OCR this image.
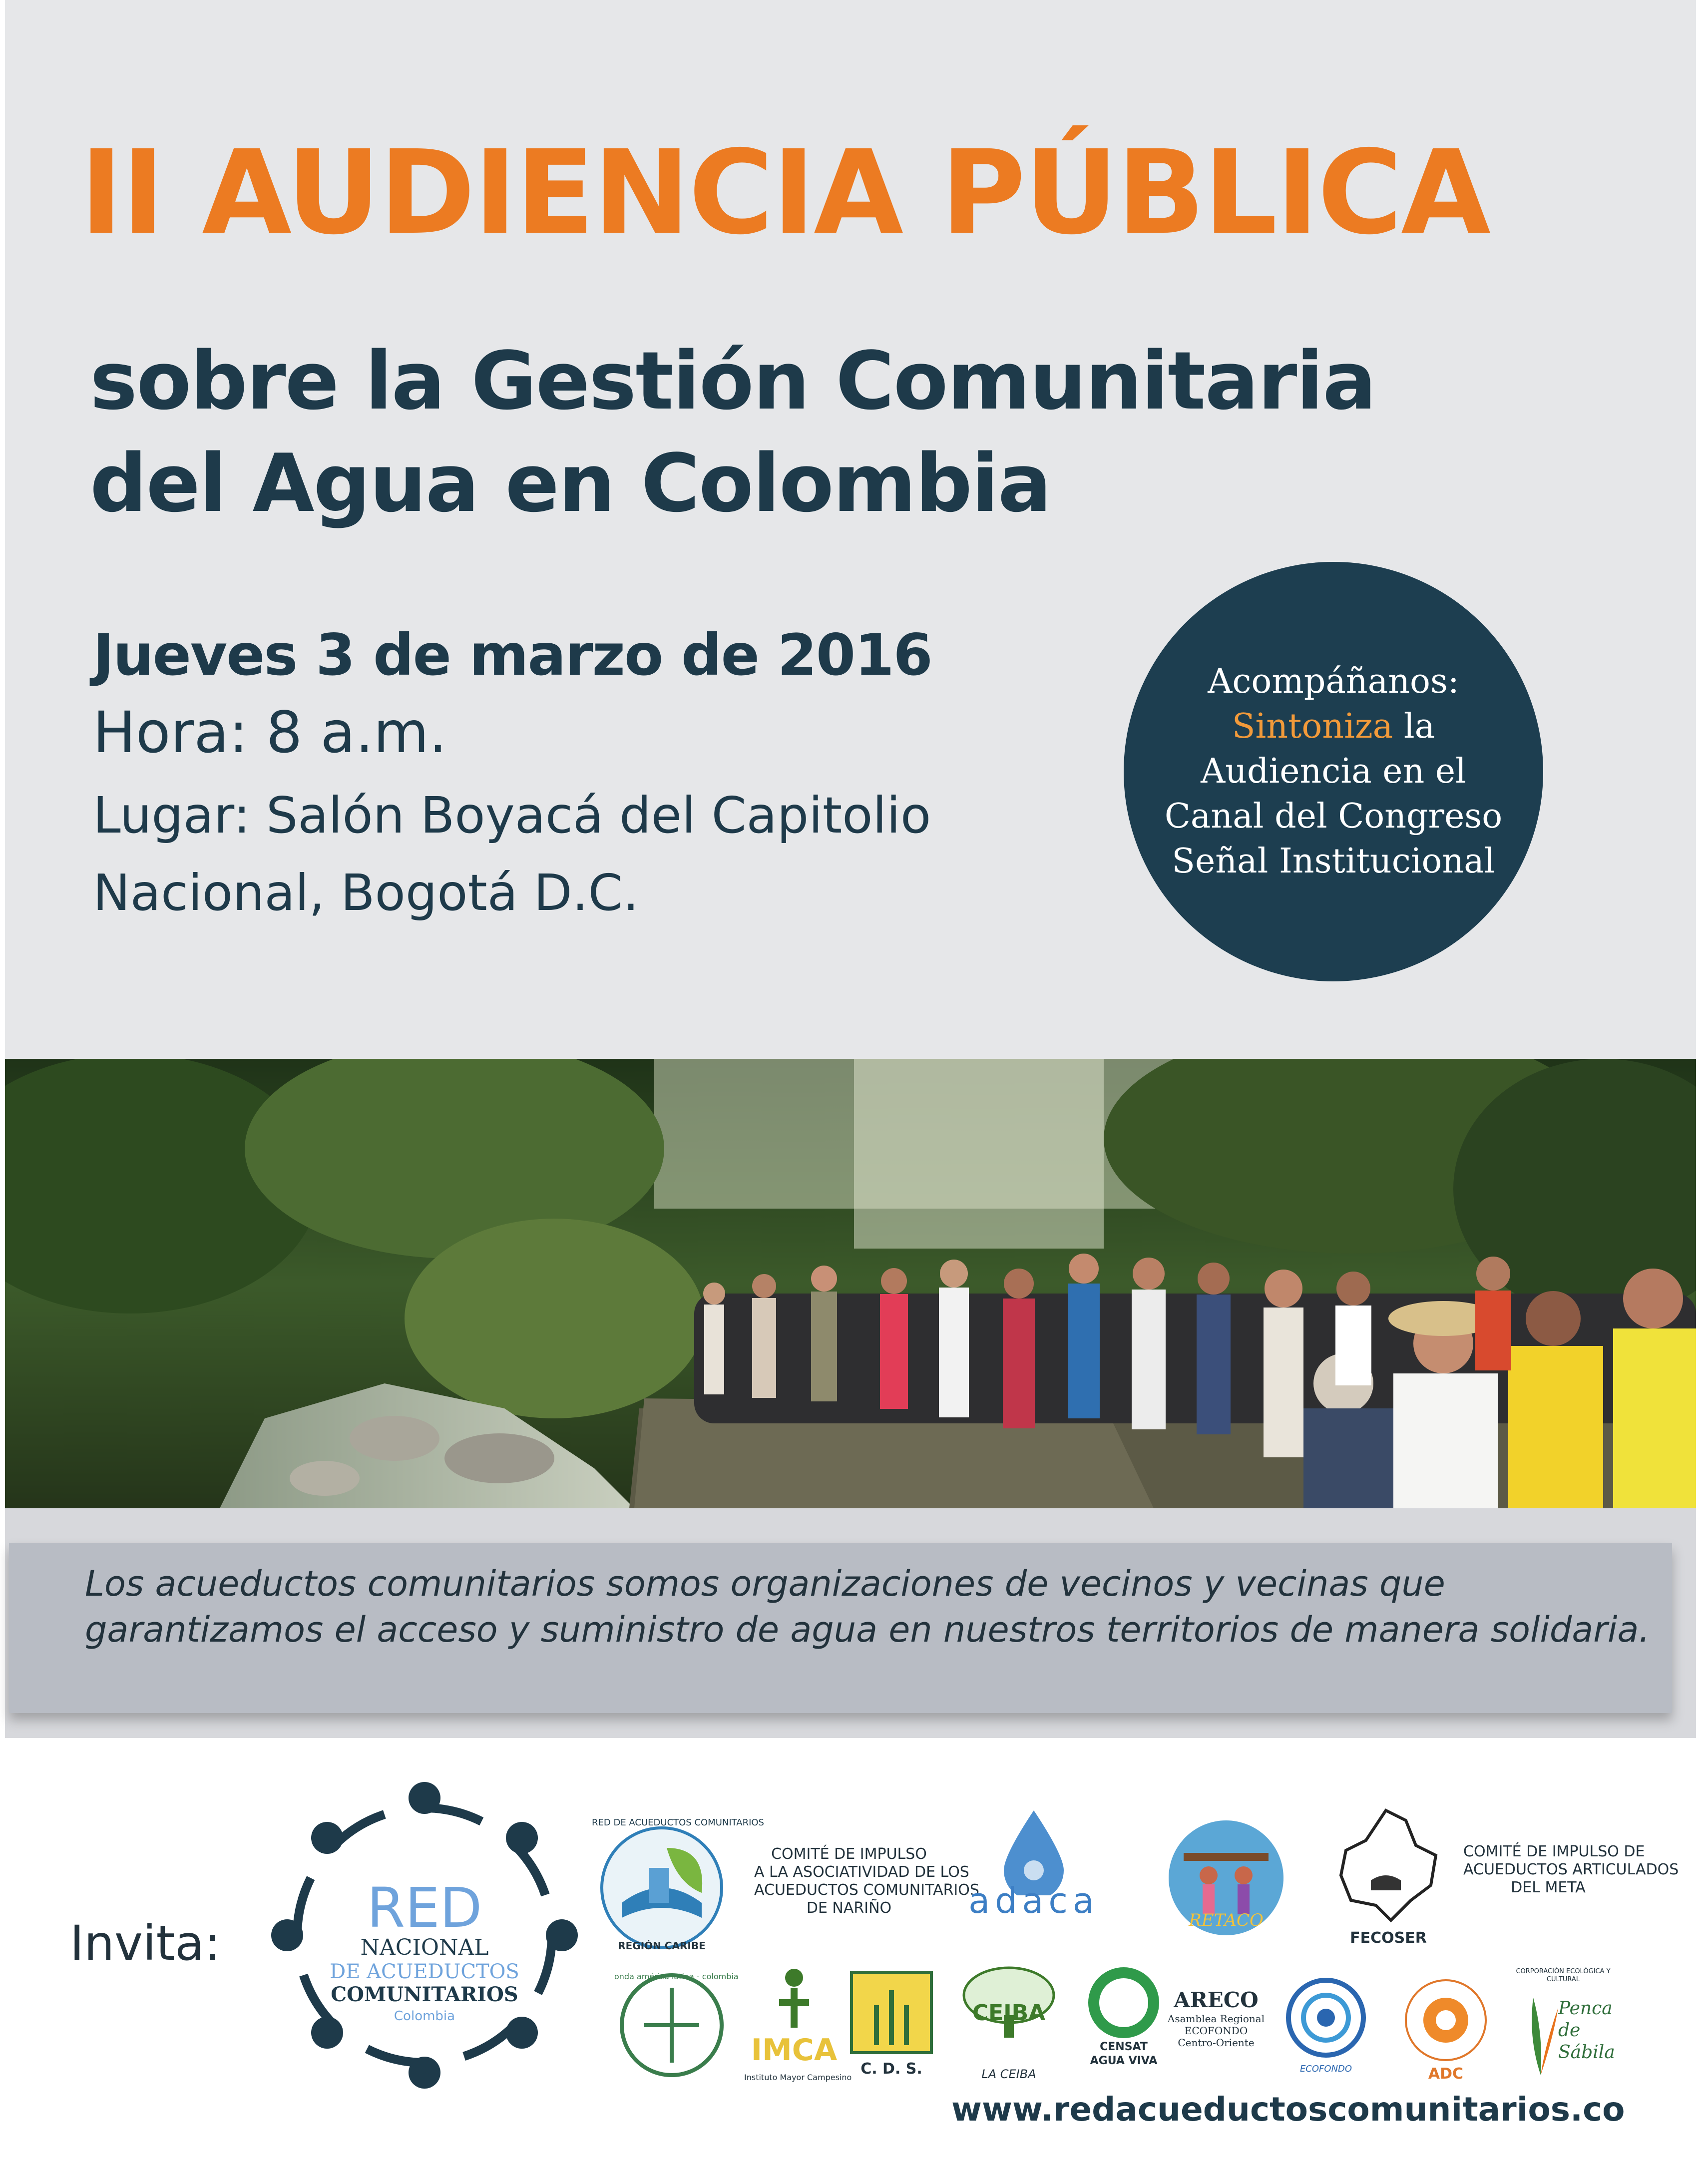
II AUDIENCIA PÚBLICA
sobre la Gestión Comunitaria
del Agua en Colombia

Jueves 3 de marzo de 2016

Hora: 8 a.m.
Lugar: Salón Boyacá del Capitolio
Nacional, Bogotá D.C.
Acompáñanos:
Sintoniza la
Audiencia en el
Canal del Congreso
Señal Institucional

Los acueductos comunitarios somos organizaciones de vecinos y vecinas que
garantizamos el acceso y suministro de agua en nuestros territorios de manera solidaria.

Invita:
RED
NACIONAL
DE ACUEDUCTOS
COMUNITARIOS
Colombia
RED DE ACUEDUCTOS COMUNITARIOS
REGIÓN CARIBE
COMITÉ DE IMPULSO
A LA ASOCIATIVIDAD DE LOS
ACUEDUCTOS COMUNITARIOS
DE NARIÑO	adaca	RETACO
FECOSER
COMITÉ DE IMPULSO DE
ACUEDUCTOS ARTICULADOS
DEL META
onda américa latina - colombia
IMCA
Instituto Mayor Campesino C. D. S.
CEIBA
LA CEIBA
CENSAT
AGUA VIVA
ARECO
Asamblea Regional
ECOFONDO
Centro-Oriente
ECOFONDO	ADC
CORPORACIÓN ECOLÓGICA Y CULTURAL
Penca
de
Sábila
www.redacueductoscomunitarios.co
